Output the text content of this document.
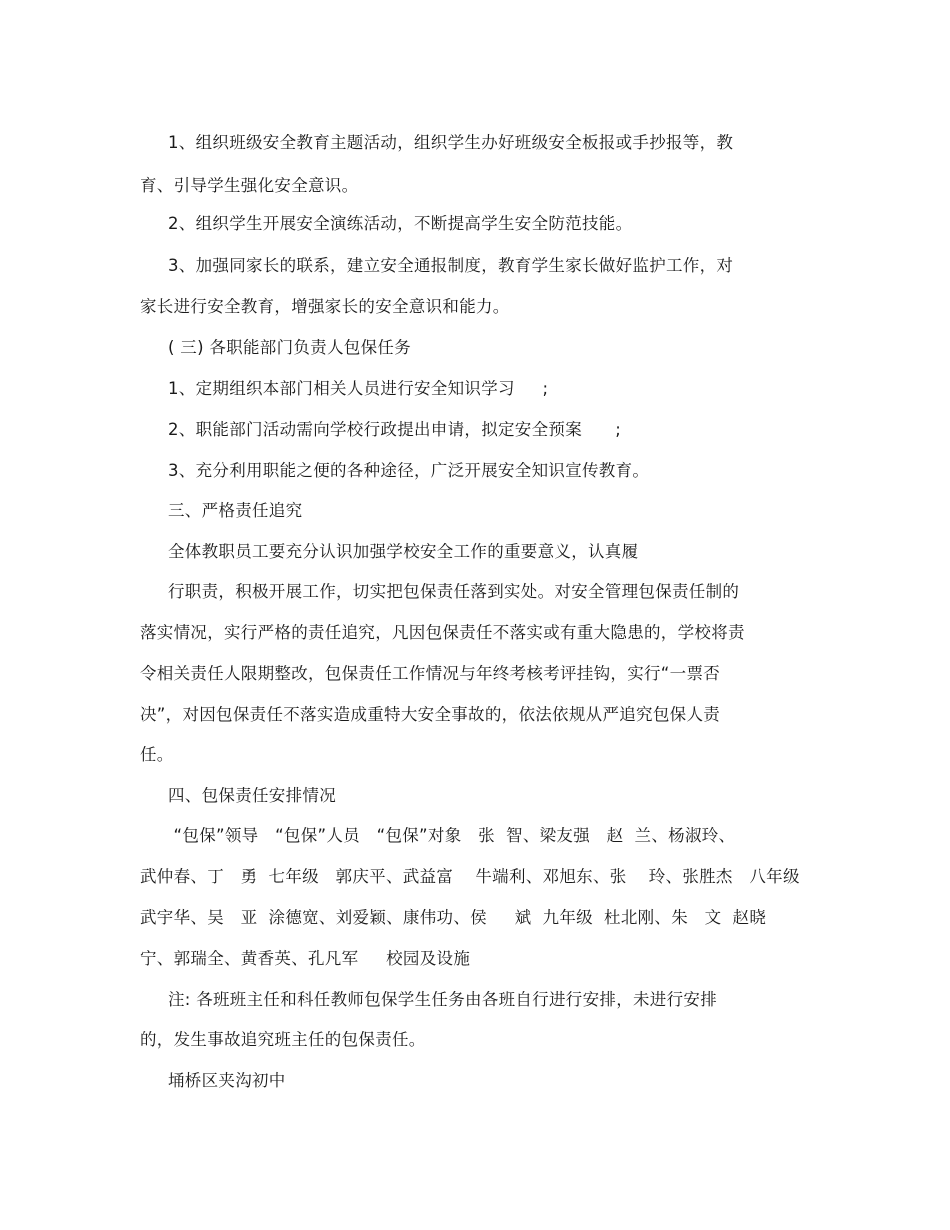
1、组织班级安全教育主题活动，组织学生办好班级安全板报或手抄报等，教
育、引导学生强化安全意识。
2、组织学生开展安全演练活动，不断提高学生安全防范技能。
3、加强同家长的联系，建立安全通报制度，教育学生家长做好监护工作，对
家长进行安全教育，增强家长的安全意识和能力。
( 三) 各职能部门负责人包保任务
1、定期组织本部门相关人员进行安全知识学习     ;
2、职能部门活动需向学校行政提出申请，拟定安全预案      ;
3、充分利用职能之便的各种途径，广泛开展安全知识宣传教育。
三、严格责任追究
全体教职员工要充分认识加强学校安全工作的重要意义，认真履
行职责，积极开展工作，切实把包保责任落到实处。对安全管理包保责任制的
落实情况，实行严格的责任追究，凡因包保责任不落实或有重大隐患的，学校将责
令相关责任人限期整改，包保责任工作情况与年终考核考评挂钩，实行“一票否
决”，对因包保责任不落实造成重特大安全事故的，依法依规从严追究包保人责
任。
四、包保责任安排情况
“包保”领导   “包保”人员   “包保”对象   张  智、梁友强   赵  兰、杨淑玲、
武仲春、丁   勇  七年级   郭庆平、武益富    牛端利、邓旭东、张    玲、张胜杰   八年级
武宇华、吴   亚  涂德宽、刘爱颖、康伟功、侯     斌  九年级  杜北刚、朱   文  赵晓
宁、郭瑞全、黄香英、孔凡军     校园及设施
注: 各班班主任和科任教师包保学生任务由各班自行进行安排，未进行安排
的，发生事故追究班主任的包保责任。
埇桥区夹沟初中
